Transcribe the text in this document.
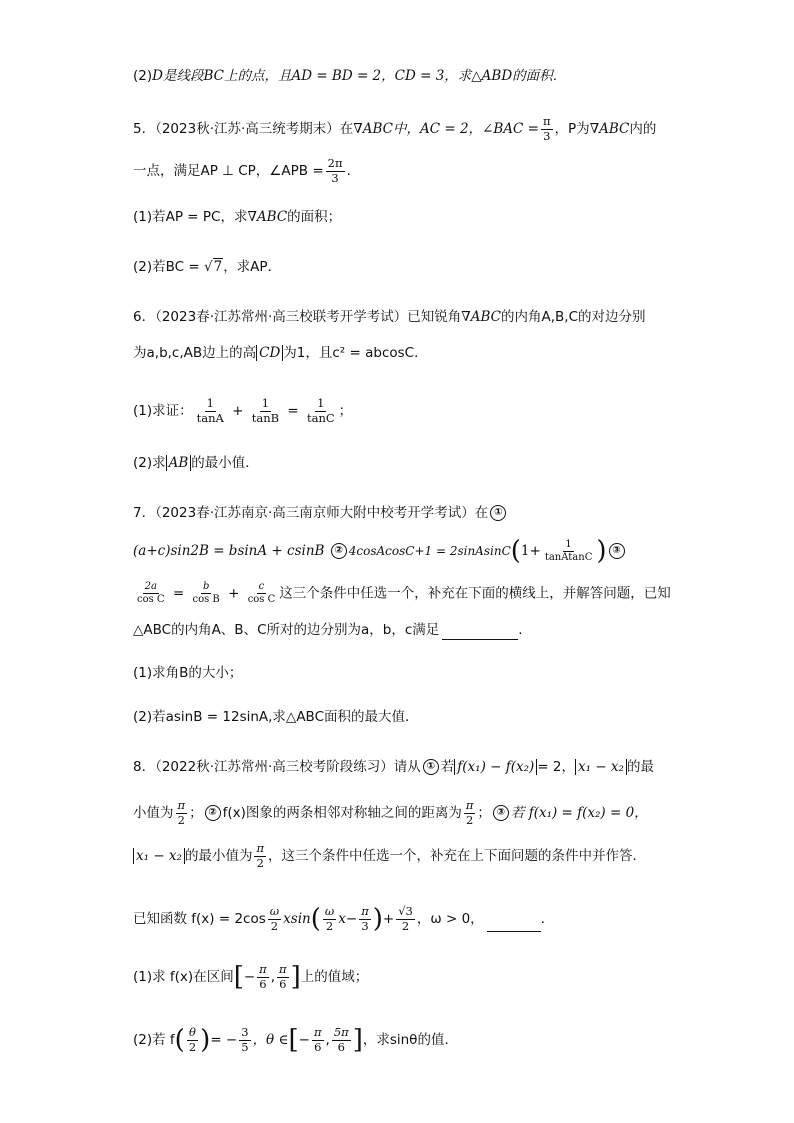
(2)D是线段BC上的点，且AD = BD = 2，CD = 3，求△ABD的面积．
5．（2023秋·江苏·高三统考期末）在∇ABC中，AC = 2，∠BAC = $\frac{\pi}{3}$ ，P为∇ABC内的
一点，满足AP ⊥ CP，∠APB = $\frac{2\pi}{3}$ .
(1)若AP = PC，求∇ABC的面积；
(2)若BC = √7，求AP．
6．（2023春·江苏常州·高三校联考开学考试）已知锐角∇ABC的内角A,B,C的对边分别
为a,b,c,AB边上的高 CD 为1，且c² = abcosC．
(1)求证： $\frac{1}{\tan A} + \frac{1}{\tan B} = \frac{1}{\tan C}$ ；
(2)求 AB 的最小值．
7．（2023春·江苏南京·高三南京师大附中校考开学考试）在 ①
(a+c)sin2B = bsinA + csinB ② 4cosAcosC+1 = 2sinAsinC(1+ $\frac{1}{\text{tanAtanC}}$ ) ③
$\frac{2a}{\text{cos C}} = \frac{b}{\text{cos B}} + \frac{c}{\text{cos C}}$ 这三个条件中任选一个，补充在下面的横线上，并解答问题，已知
△ABC的内角A、B、C所对的边分别为a，b，c满足	.
(1)求角B的大小；
(2)若asinB = 12sinA,求△ABC面积的最大值.
8．（2022秋·江苏常州·高三校考阶段练习）请从 ① 若 f(x₁) − f(x₂) = 2， x₁ − x₂ 的最
小值为 $\frac{\pi}{2}$ ； ② f(x)图象的两条相邻对称轴之间的距离为 $\frac{\pi}{2}$ ； ③ 若 f(x₁) = f(x₂) = 0，
x₁ − x₂ 的最小值为 $\frac{\pi}{2}$ ，这三个条件中任选一个，补充在上下面问题的条件中并作答．
已知函数 $f(x) = 2\cos \frac{\omega}{2} xsin( \frac{\omega}{2} x- \frac{\pi}{3}$ )+ $\frac{√3}{2}$ ，ω > 0，	．
(1)求 f(x)在区间[− $\frac{\pi}{6}$ , $\frac{\pi}{6}$ ]上的值域；
(2)若 $f( \frac{\theta}{2}$ )= − $\frac{3}{5}$ ，θ ∈[− $\frac{\pi}{6}$ , $\frac{5\pi}{6}$ ]，求sinθ的值．
